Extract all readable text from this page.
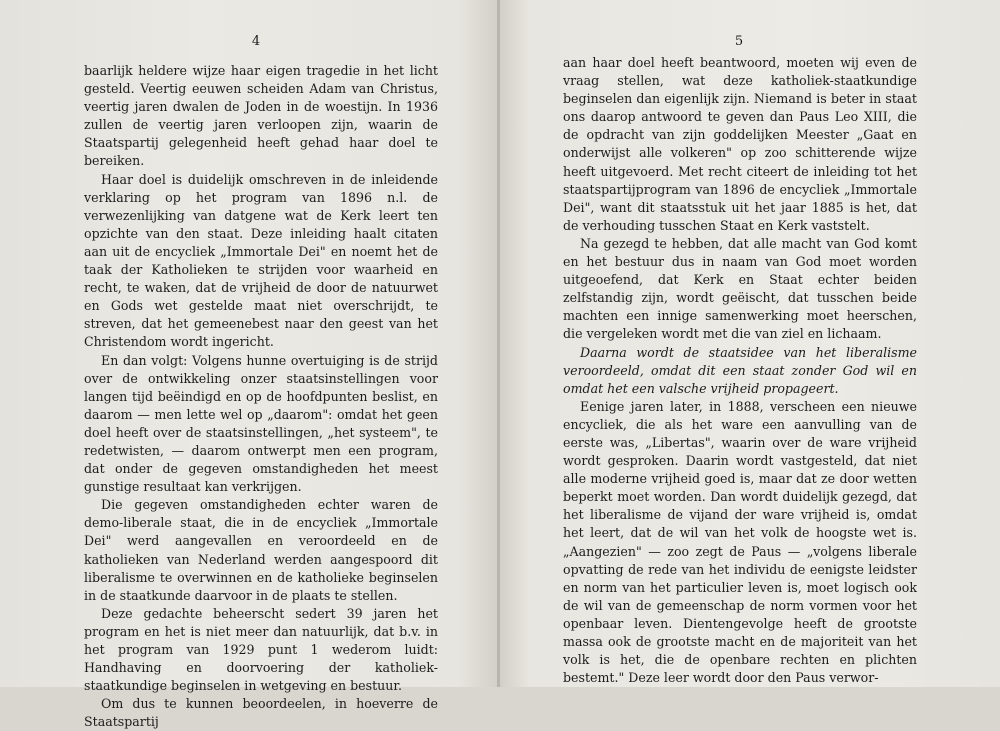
4

baarlijk heldere wijze haar eigen tragedie in het licht gesteld. Veertig eeuwen scheiden Adam van Christus, veertig jaren dwalen de Joden in de woestijn. In 1936 zullen de veertig jaren verloopen zijn, waarin de Staatspartij gelegenheid heeft gehad haar doel te bereiken.

Haar doel is duidelijk omschreven in de inleidende verklaring op het program van 1896 n.l. de verwezenlijking van datgene wat de Kerk leert ten opzichte van den staat. Deze inleiding haalt citaten aan uit de encycliek „Immortale Dei" en noemt het de taak der Katholieken te strijden voor waarheid en recht, te waken, dat de vrijheid de door de natuurwet en Gods wet gestelde maat niet overschrijdt, te streven, dat het gemeenebest naar den geest van het Christendom wordt ingericht.

En dan volgt: Volgens hunne overtuiging is de strijd over de ontwikkeling onzer staatsinstellingen voor langen tijd beëindigd en op de hoofdpunten beslist, en daarom — men lette wel op „daarom": omdat het geen doel heeft over de staatsinstellingen, „het systeem", te redetwisten, — daarom ontwerpt men een program, dat onder de gegeven omstandigheden het meest gunstige resultaat kan verkrijgen.

Die gegeven omstandigheden echter waren de demo-liberale staat, die in de encycliek „Immortale Dei" werd aangevallen en veroordeeld en de katholieken van Nederland werden aangespoord dit liberalisme te overwinnen en de katholieke beginselen in de staatkunde daarvoor in de plaats te stellen.

Deze gedachte beheerscht sedert 39 jaren het program en het is niet meer dan natuurlijk, dat b.v. in het program van 1929 punt 1 wederom luidt: Handhaving en doorvoering der katholiek-staatkundige beginselen in wetgeving en bestuur.

Om dus te kunnen beoordeelen, in hoeverre de Staatspartij

5

aan haar doel heeft beantwoord, moeten wij even de vraag stellen, wat deze katholiek-staatkundige beginselen dan eigenlijk zijn. Niemand is beter in staat ons daarop antwoord te geven dan Paus Leo XIII, die de opdracht van zijn goddelijken Meester „Gaat en onderwijst alle volkeren" op zoo schitterende wijze heeft uitgevoerd. Met recht citeert de inleiding tot het staatspartijprogram van 1896 de encycliek „Immortale Dei", want dit staatsstuk uit het jaar 1885 is het, dat de verhouding tusschen Staat en Kerk vaststelt.

Na gezegd te hebben, dat alle macht van God komt en het bestuur dus in naam van God moet worden uitgeoefend, dat Kerk en Staat echter beiden zelfstandig zijn, wordt geëischt, dat tusschen beide machten een innige samenwerking moet heerschen, die vergeleken wordt met die van ziel en lichaam.

Daarna wordt de staatsidee van het liberalisme veroordeeld, omdat dit een staat zonder God wil en omdat het een valsche vrijheid propageert.

Eenige jaren later, in 1888, verscheen een nieuwe encycliek, die als het ware een aanvulling van de eerste was, „Libertas", waarin over de ware vrijheid wordt gesproken. Daarin wordt vastgesteld, dat niet alle moderne vrijheid goed is, maar dat ze door wetten beperkt moet worden. Dan wordt duidelijk gezegd, dat het liberalisme de vijand der ware vrijheid is, omdat het leert, dat de wil van het volk de hoogste wet is. „Aangezien" — zoo zegt de Paus — „volgens liberale opvatting de rede van het individu de eenigste leidster en norm van het particulier leven is, moet logisch ook de wil van de gemeenschap de norm vormen voor het openbaar leven. Dientengevolge heeft de grootste massa ook de grootste macht en de majoriteit van het volk is het, die de openbare rechten en plichten bestemt." Deze leer wordt door den Paus verwor-
